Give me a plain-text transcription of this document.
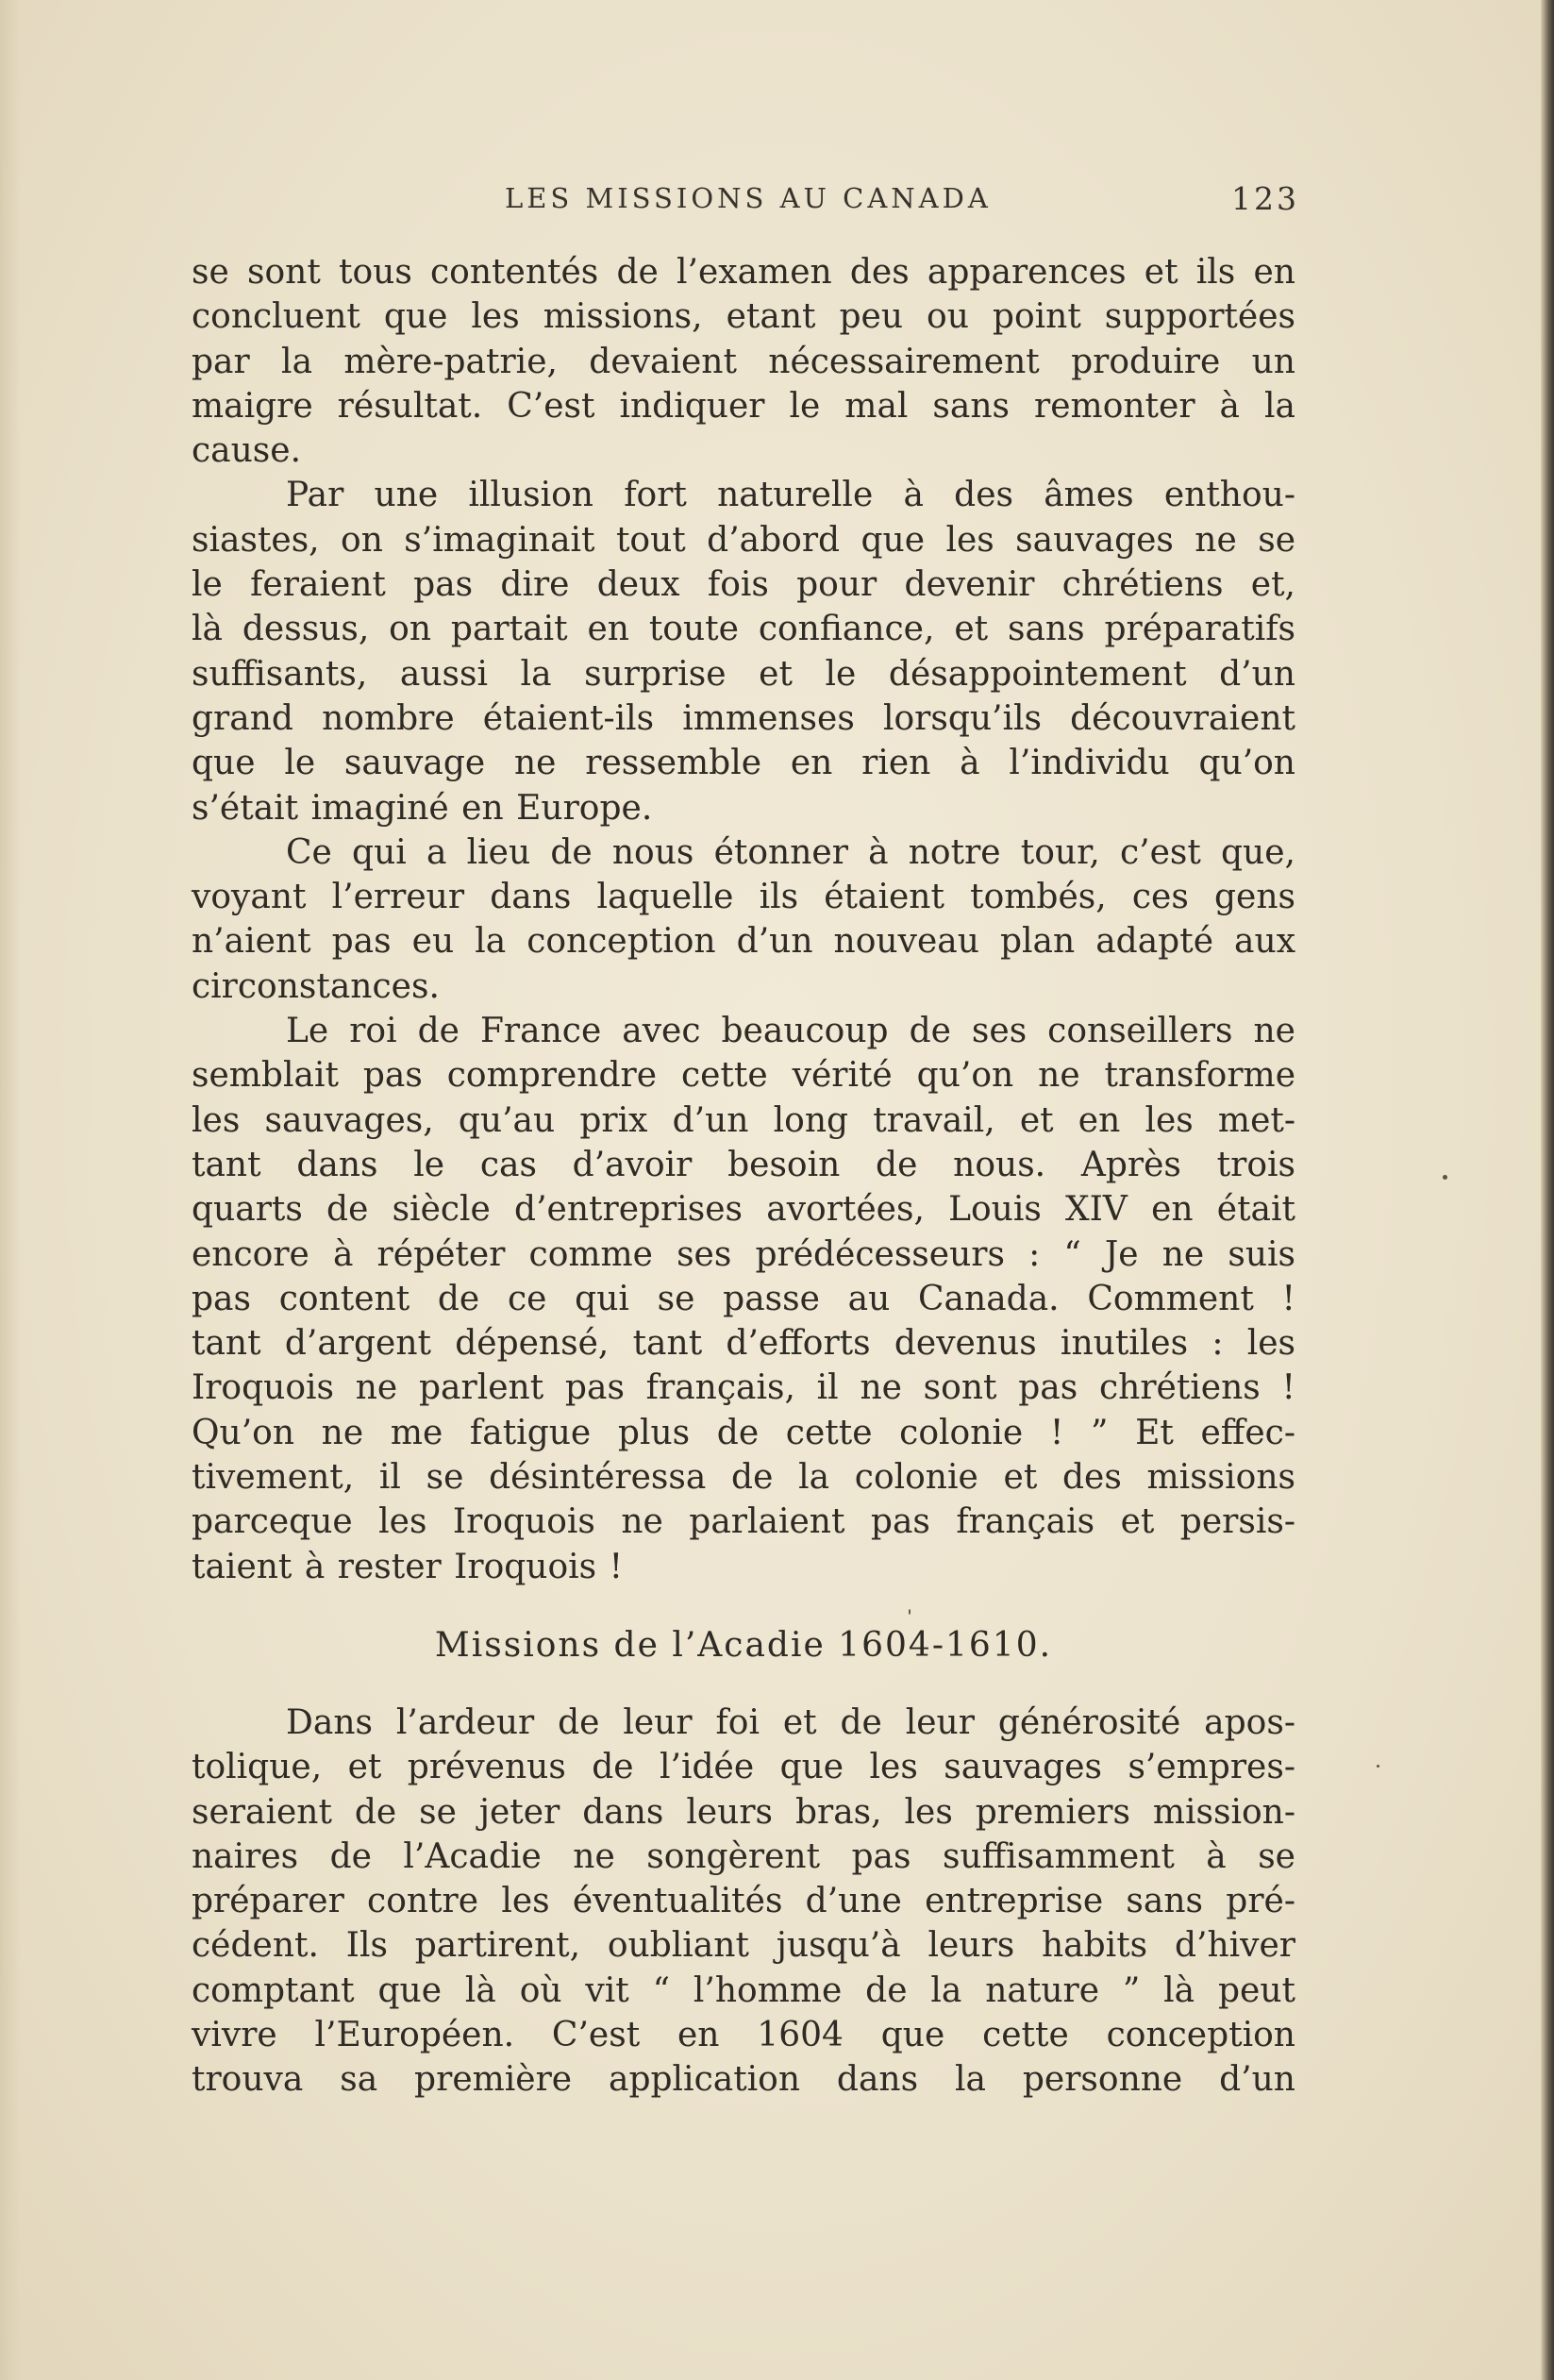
LES MISSIONS AU CANADA	123
se sont tous contentés de l’examen des apparences et ils en
concluent que les missions, etant peu ou point supportées
par la mère-patrie, devaient nécessairement produire un
maigre résultat. C’est indiquer le mal sans remonter à la
cause.
Par une illusion fort naturelle à des âmes enthou-
siastes, on s’imaginait tout d’abord que les sauvages ne se
le feraient pas dire deux fois pour devenir chrétiens et,
là dessus, on partait en toute confiance, et sans préparatifs
suffisants, aussi la surprise et le désappointement d’un
grand nombre étaient-ils immenses lorsqu’ils découvraient
que le sauvage ne ressemble en rien à l’individu qu’on
s’était imaginé en Europe.
Ce qui a lieu de nous étonner à notre tour, c’est que,
voyant l’erreur dans laquelle ils étaient tombés, ces gens
n’aient pas eu la conception d’un nouveau plan adapté aux
circonstances.
Le roi de France avec beaucoup de ses conseillers ne
semblait pas comprendre cette vérité qu’on ne transforme
les sauvages, qu’au prix d’un long travail, et en les met-
tant dans le cas d’avoir besoin de nous. Après trois
quarts de siècle d’entreprises avortées, Louis XIV en était
encore à répéter comme ses prédécesseurs : “ Je ne suis
pas content de ce qui se passe au Canada. Comment !
tant d’argent dépensé, tant d’efforts devenus inutiles : les
Iroquois ne parlent pas français, il ne sont pas chrétiens !
Qu’on ne me fatigue plus de cette colonie ! ” Et effec-
tivement, il se désintéressa de la colonie et des missions
parceque les Iroquois ne parlaient pas français et persis-
taient à rester Iroquois !
Missions de l’Acadie 1604-1610.
Dans l’ardeur de leur foi et de leur générosité apos-
tolique, et prévenus de l’idée que les sauvages s’empres-
seraient de se jeter dans leurs bras, les premiers mission-
naires de l’Acadie ne songèrent pas suffisamment à se
préparer contre les éventualités d’une entreprise sans pré-
cédent. Ils partirent, oubliant jusqu’à leurs habits d’hiver
comptant que là où vit “ l’homme de la nature ” là peut
vivre l’Européen. C’est en 1604 que cette conception
trouva sa première application dans la personne d’un
